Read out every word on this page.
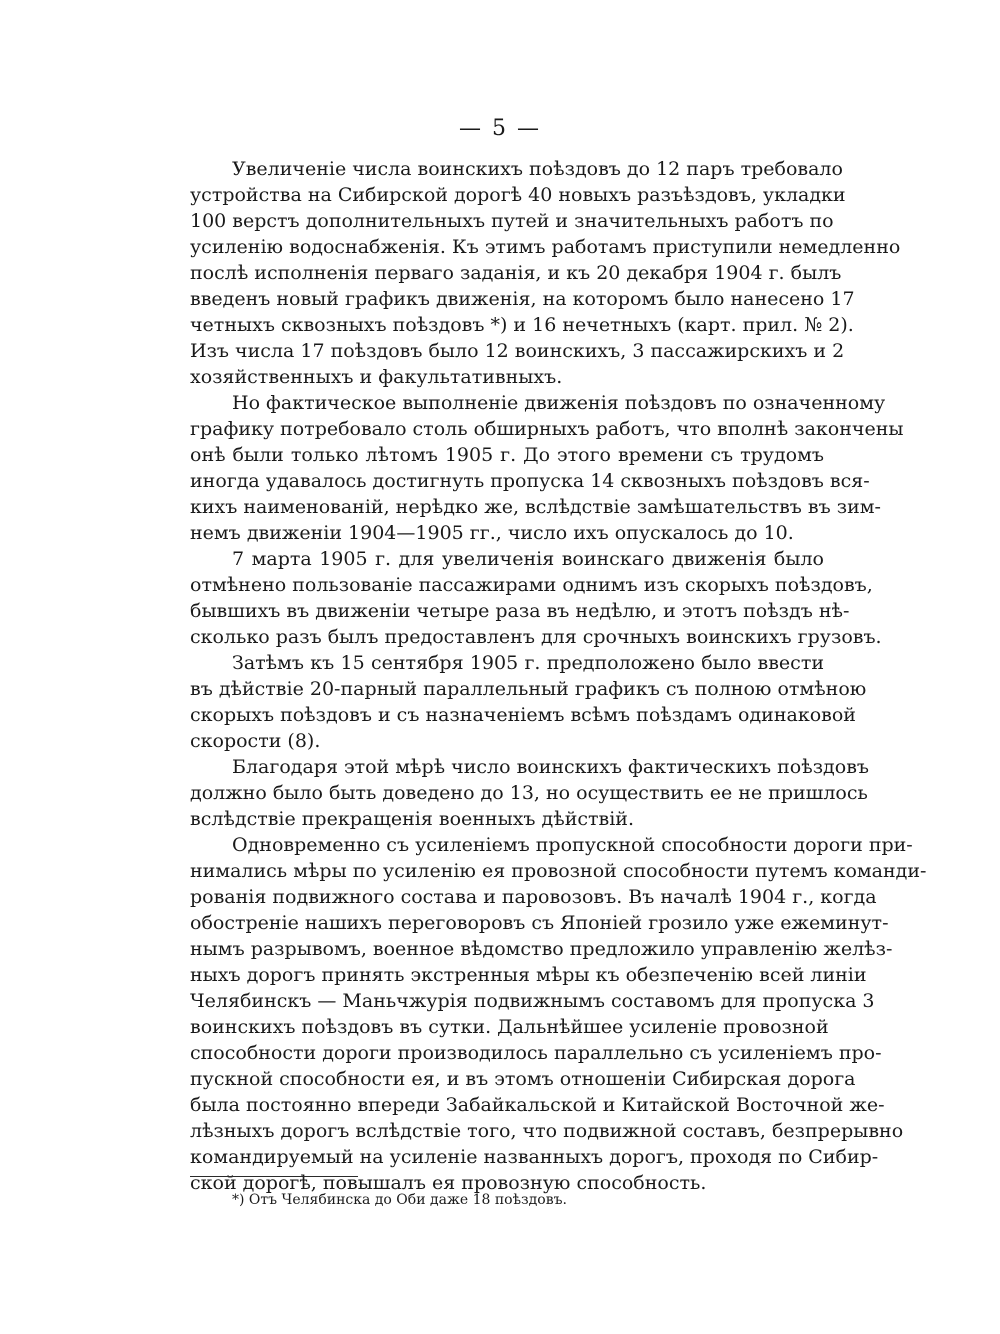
— 5 —
Увеличеніе числа воинскихъ поѣздовъ до 12 паръ требовало
устройства на Сибирской дорогѣ 40 новыхъ разъѣздовъ, укладки
100 верстъ дополнительныхъ путей и значительныхъ работъ по
усиленію водоснабженія. Къ этимъ работамъ приступили немедленно
послѣ исполненія перваго заданія, и къ 20 декабря 1904 г. былъ
введенъ новый графикъ движенія, на которомъ было нанесено 17
четныхъ сквозныхъ поѣздовъ *) и 16 нечетныхъ (карт. прил. № 2).
Изъ числа 17 поѣздовъ было 12 воинскихъ, 3 пассажирскихъ и 2
хозяйственныхъ и факультативныхъ.
Но фактическое выполненіе движенія поѣздовъ по означенному
графику потребовало столь обширныхъ работъ, что вполнѣ закончены
онѣ были только лѣтомъ 1905 г. До этого времени съ трудомъ
иногда удавалось достигнуть пропуска 14 сквозныхъ поѣздовъ вся-
кихъ наименованій, нерѣдко же, вслѣдствіе замѣшательствъ въ зим-
немъ движеніи 1904—1905 гг., число ихъ опускалось до 10.
7 марта 1905 г. для увеличенія воинскаго движенія было
отмѣнено пользованіе пассажирами однимъ изъ скорыхъ поѣздовъ,
бывшихъ въ движеніи четыре раза въ недѣлю, и этотъ поѣздъ нѣ-
сколько разъ былъ предоставленъ для срочныхъ воинскихъ грузовъ.
Затѣмъ къ 15 сентября 1905 г. предположено было ввести
въ дѣйствіе 20-парный параллельный графикъ съ полною отмѣною
скорыхъ поѣздовъ и съ назначеніемъ всѣмъ поѣздамъ одинаковой
скорости (8).
Благодаря этой мѣрѣ число воинскихъ фактическихъ поѣздовъ
должно было быть доведено до 13, но осуществить ее не пришлось
вслѣдствіе прекращенія военныхъ дѣйствій.
Одновременно съ усиленіемъ пропускной способности дороги при-
нимались мѣры по усиленію ея провозной способности путемъ команди-
рованія подвижного состава и паровозовъ. Въ началѣ 1904 г., когда
обостреніе нашихъ переговоровъ съ Японіей грозило уже ежеминут-
нымъ разрывомъ, военное вѣдомство предложило управленію желѣз-
ныхъ дорогъ принять экстренныя мѣры къ обезпеченію всей линіи
Челябинскъ — Маньчжурія подвижнымъ составомъ для пропуска 3
воинскихъ поѣздовъ въ сутки. Дальнѣйшее усиленіе провозной
способности дороги производилось параллельно съ усиленіемъ про-
пускной способности ея, и въ этомъ отношеніи Сибирская дорога
была постоянно впереди Забайкальской и Китайской Восточной же-
лѣзныхъ дорогъ вслѣдствіе того, что подвижной составъ, безпрерывно
командируемый на усиленіе названныхъ дорогъ, проходя по Сибир-
ской дорогѣ, повышалъ ея провозную способность.
*) Отъ Челябинска до Оби даже 18 поѣздовъ.
